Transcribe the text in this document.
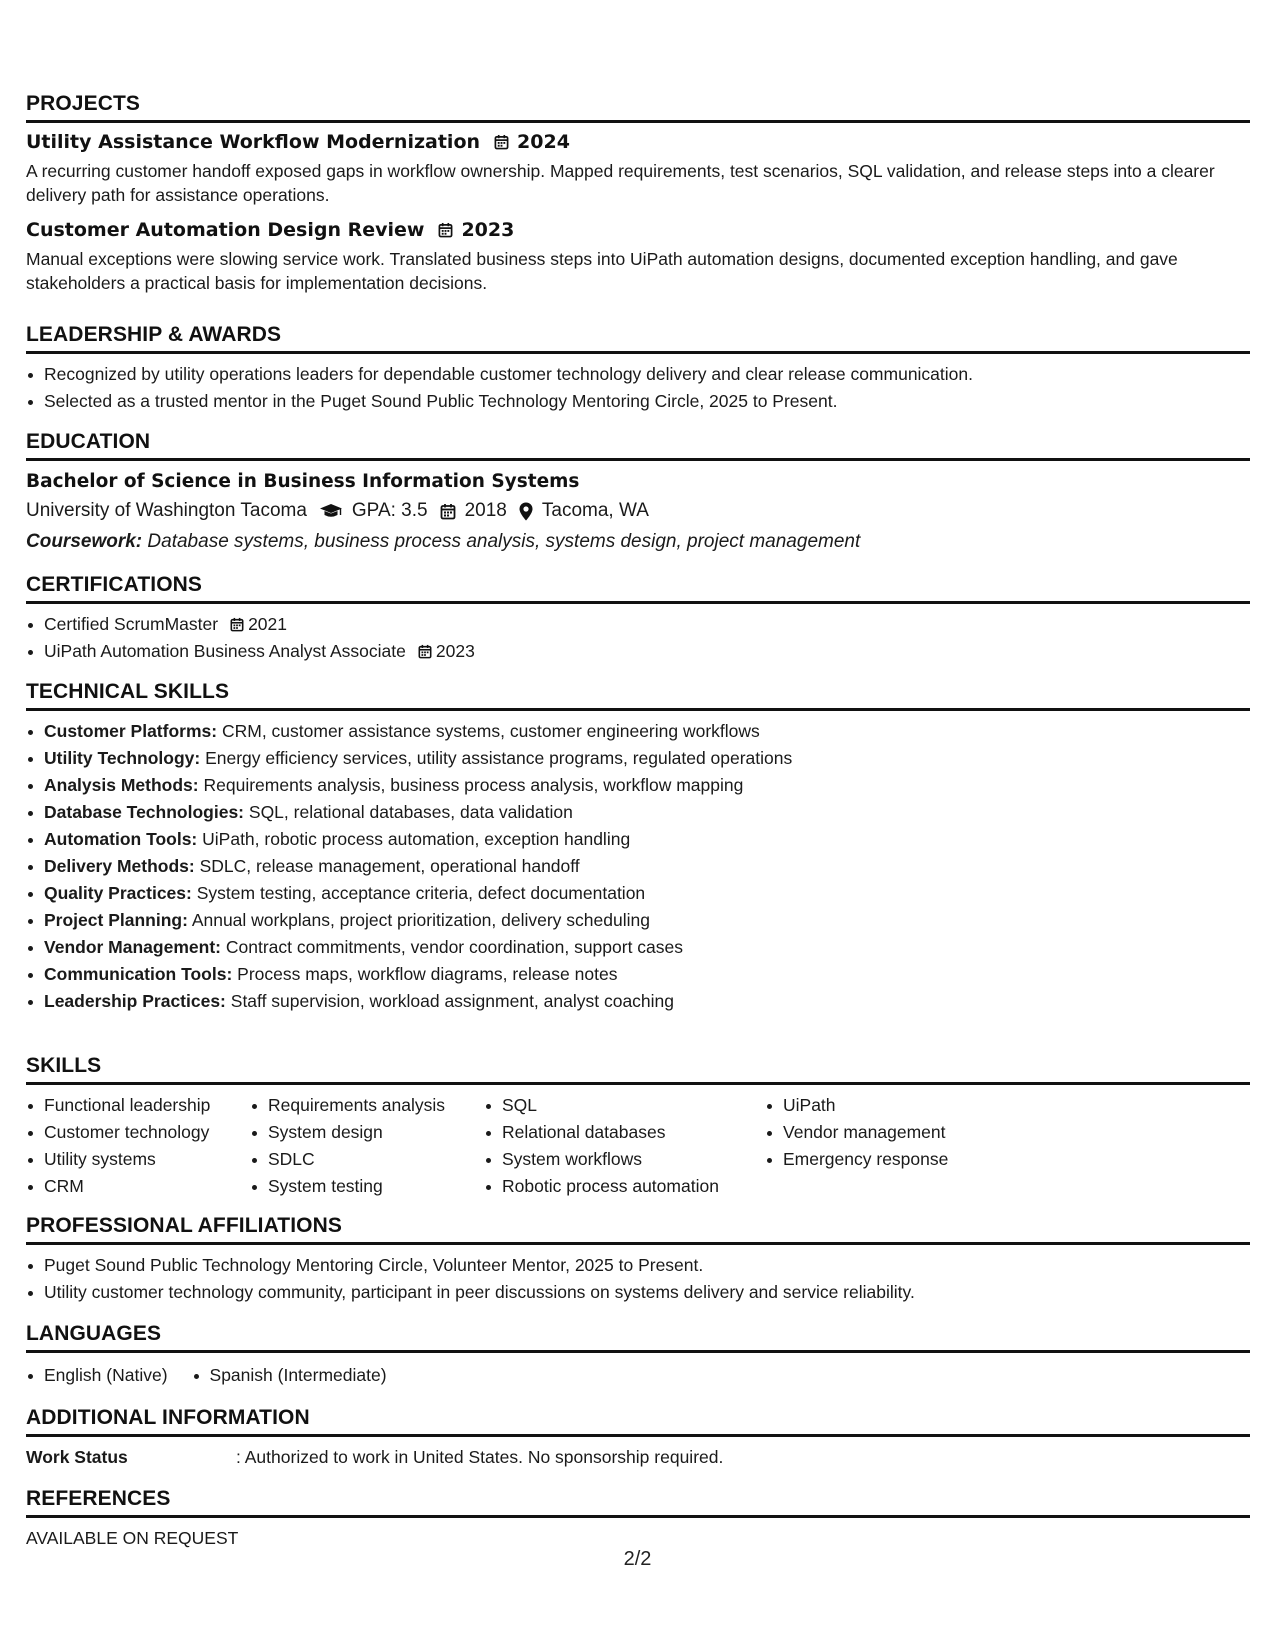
PROJECTS
Utility Assistance Workflow Modernization 2024
A recurring customer handoff exposed gaps in workflow ownership. Mapped requirements, test scenarios, SQL validation, and release steps into a clearer delivery path for assistance operations.
Customer Automation Design Review 2023
Manual exceptions were slowing service work. Translated business steps into UiPath automation designs, documented exception handling, and gave stakeholders a practical basis for implementation decisions.
LEADERSHIP & AWARDS
Recognized by utility operations leaders for dependable customer technology delivery and clear release communication.
Selected as a trusted mentor in the Puget Sound Public Technology Mentoring Circle, 2025 to Present.
EDUCATION
Bachelor of Science in Business Information Systems
University of Washington Tacoma GPA: 3.5 2018 Tacoma, WA
Coursework: Database systems, business process analysis, systems design, project management
CERTIFICATIONS
Certified ScrumMaster 2021
UiPath Automation Business Analyst Associate 2023
TECHNICAL SKILLS
Customer Platforms: CRM, customer assistance systems, customer engineering workflows
Utility Technology: Energy efficiency services, utility assistance programs, regulated operations
Analysis Methods: Requirements analysis, business process analysis, workflow mapping
Database Technologies: SQL, relational databases, data validation
Automation Tools: UiPath, robotic process automation, exception handling
Delivery Methods: SDLC, release management, operational handoff
Quality Practices: System testing, acceptance criteria, defect documentation
Project Planning: Annual workplans, project prioritization, delivery scheduling
Vendor Management: Contract commitments, vendor coordination, support cases
Communication Tools: Process maps, workflow diagrams, release notes
Leadership Practices: Staff supervision, workload assignment, analyst coaching
SKILLS
Functional leadership
Customer technology
Utility systems
CRM
Requirements analysis
System design
SDLC
System testing
SQL
Relational databases
System workflows
Robotic process automation
UiPath
Vendor management
Emergency response
PROFESSIONAL AFFILIATIONS
Puget Sound Public Technology Mentoring Circle, Volunteer Mentor, 2025 to Present.
Utility customer technology community, participant in peer discussions on systems delivery and service reliability.
LANGUAGES
English (Native)	Spanish (Intermediate)
ADDITIONAL INFORMATION
Work Status	: Authorized to work in United States. No sponsorship required.
REFERENCES
AVAILABLE ON REQUEST
2/2
